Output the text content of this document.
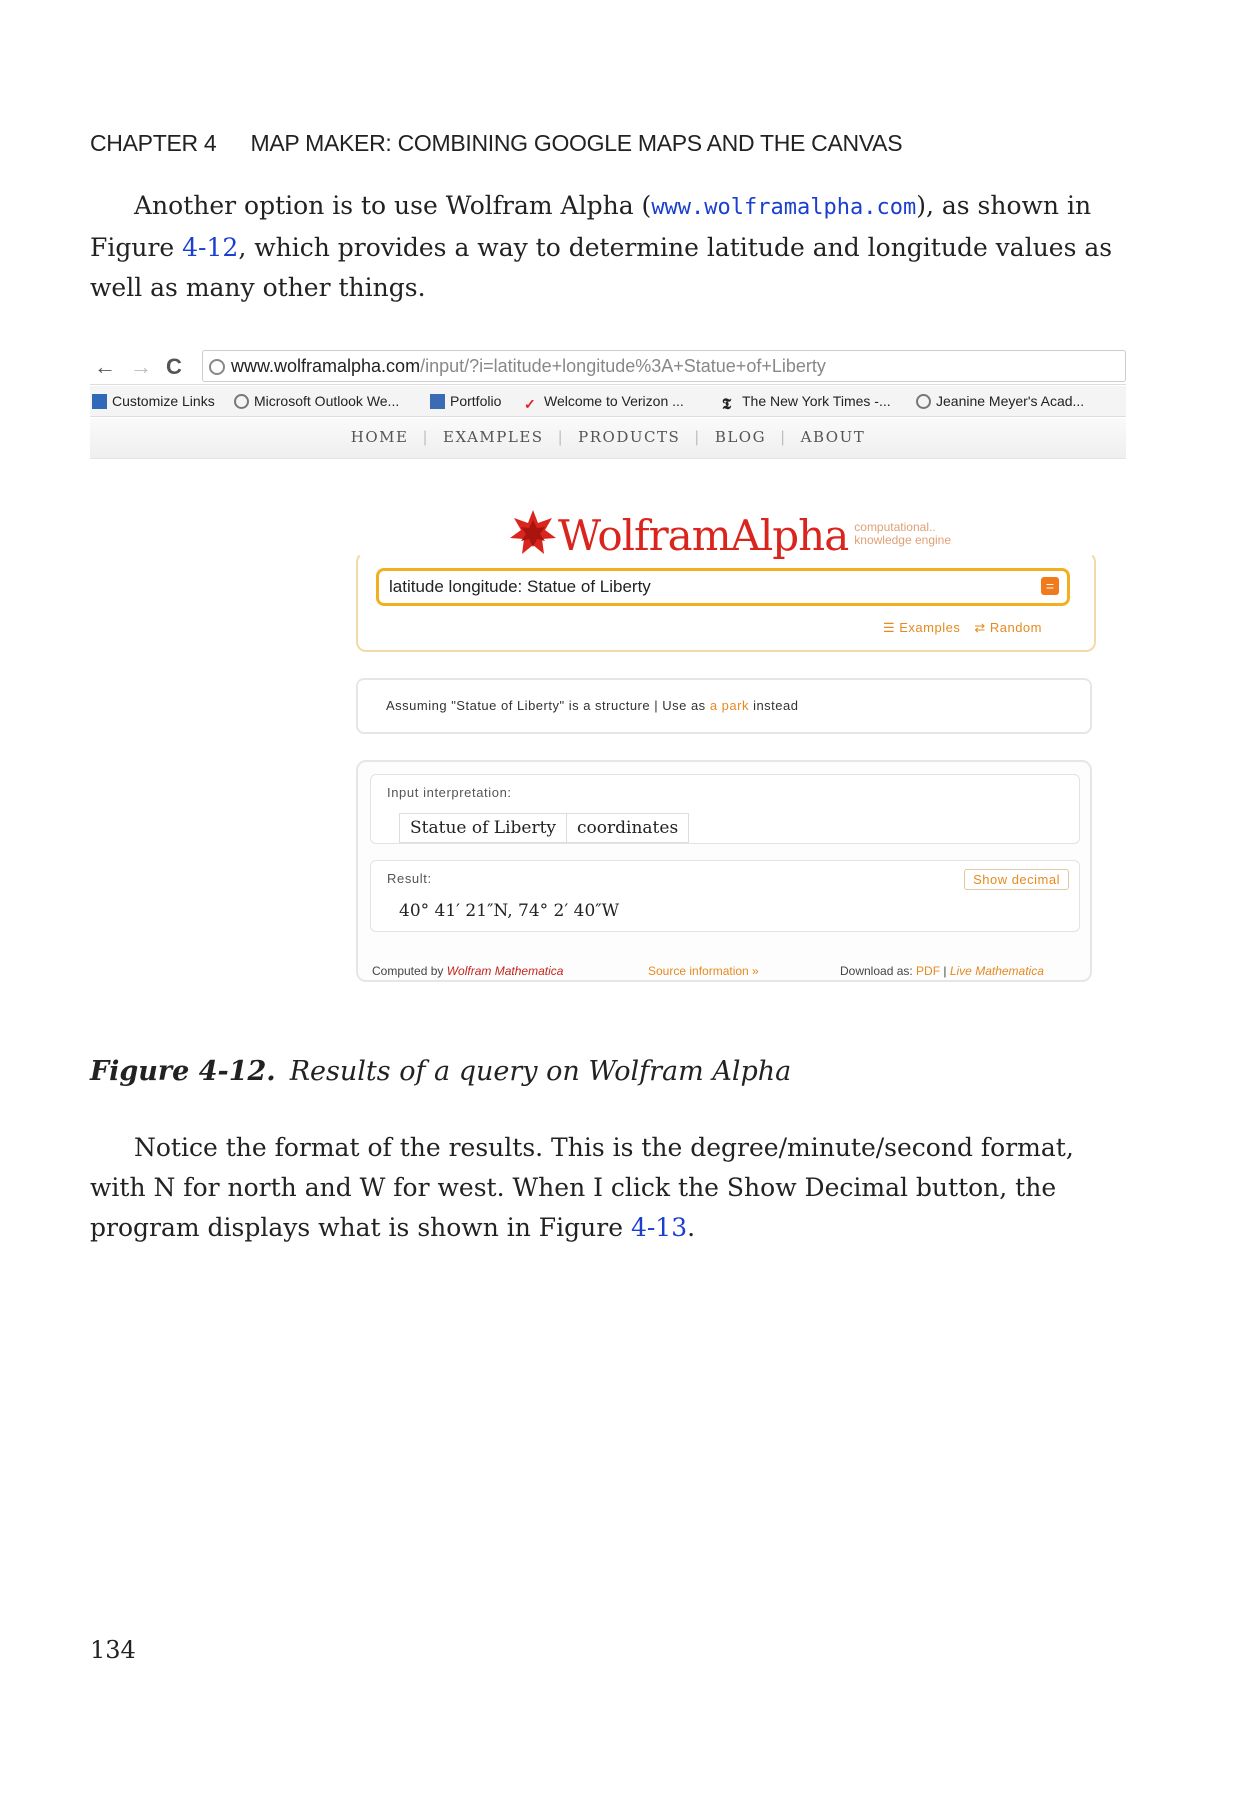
CHAPTER 4 MAP MAKER: COMBINING GOOGLE MAPS AND THE CANVAS
Another option is to use Wolfram Alpha (www.wolframalpha.com), as shown in Figure 4-12, which provides a way to determine latitude and longitude values as well as many other things.
← → C	www.wolframalpha.com/input/?i=latitude+longitude%3A+Statue+of+Liberty
Customize Links	Microsoft Outlook We...	Portfolio ✓ Welcome to Verizon ...	𝕿 The New York Times -...	Jeanine Meyer's Acad...
HOME | EXAMPLES | PRODUCTS | BLOG | ABOUT
WolframAlpha computational..
knowledge engine
latitude longitude: Statue of Liberty	=
☰ Examples ⇄ Random
Assuming "Statue of Liberty" is a structure | Use as a park instead
Input interpretation:
Statue of Liberty coordinates
Result:	Show decimal
40° 41′ 21″N, 74° 2′ 40″W
Computed by Wolfram Mathematica	Source information »	Download as: PDF | Live Mathematica
Figure 4-12. Results of a query on Wolfram Alpha
Notice the format of the results. This is the degree/minute/second format, with N for north and W for west. When I click the Show Decimal button, the program displays what is shown in Figure 4-13.
134
